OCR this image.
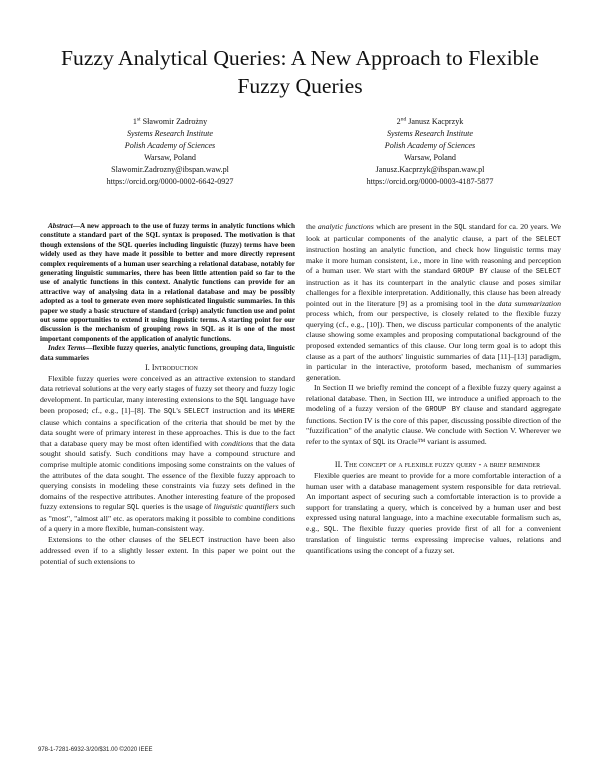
Fuzzy Analytical Queries: A New Approach to Flexible Fuzzy Queries
1st Sławomir Zadrożny
Systems Research Institute
Polish Academy of Sciences
Warsaw, Poland
Slawomir.Zadrozny@ibspan.waw.pl
https://orcid.org/0000-0002-6642-0927
2nd Janusz Kacprzyk
Systems Research Institute
Polish Academy of Sciences
Warsaw, Poland
Janusz.Kacprzyk@ibspan.waw.pl
https://orcid.org/0000-0003-4187-5877

Abstract—A new approach to the use of fuzzy terms in analytic functions which constitute a standard part of the SQL syntax is proposed. The motivation is that though extensions of the SQL queries including linguistic (fuzzy) terms have been widely used as they have made it possible to better and more directly represent complex requirements of a human user searching a relational database, notably for generating linguistic summaries, there has been little attention paid so far to the use of analytic functions in this context. Analytic functions can provide for an attractive way of analysing data in a relational database and may be possibly adopted as a tool to generate even more sophisticated linguistic summaries. In this paper we study a basic structure of standard (crisp) analytic function use and point out some opportunities to extend it using linguistic terms. A starting point for our discussion is the mechanism of grouping rows in SQL as it is one of the most important components of the application of analytic functions.

Index Terms—flexible fuzzy queries, analytic functions, grouping data, linguistic data summaries

I. Introduction

Flexible fuzzy queries were conceived as an attractive extension to standard data retrieval solutions at the very early stages of fuzzy set theory and fuzzy logic development. In particular, many interesting extensions to the SQL language have been proposed; cf., e.g., [1]–[8]. The SQL's SELECT instruction and its WHERE clause which contains a specification of the criteria that should be met by the data sought were of primary interest in these approaches. This is due to the fact that a database query may be most often identified with conditions that the data sought should satisfy. Such conditions may have a compound structure and comprise multiple atomic conditions imposing some constraints on the values of the attributes of the data sought. The essence of the flexible fuzzy approach to querying consists in modeling these constraints via fuzzy sets defined in the domains of the respective attributes. Another interesting feature of the proposed fuzzy extensions to regular SQL queries is the usage of linguistic quantifiers such as "most", "almost all" etc. as operators making it possible to combine conditions of a query in a more flexible, human-consistent way.

Extensions to the other clauses of the SELECT instruction have been also addressed even if to a slightly lesser extent. In this paper we point out the potential of such extensions to

the analytic functions which are present in the SQL standard for ca. 20 years. We look at particular components of the analytic clause, a part of the SELECT instruction hosting an analytic function, and check how linguistic terms may make it more human consistent, i.e., more in line with reasoning and perception of a human user. We start with the standard GROUP BY clause of the SELECT instruction as it has its counterpart in the analytic clause and poses similar challenges for a flexible interpretation. Additionally, this clause has been already pointed out in the literature [9] as a promising tool in the data summarization process which, from our perspective, is closely related to the flexible fuzzy querying (cf., e.g., [10]). Then, we discuss particular components of the analytic clause showing some examples and proposing computational background of the proposed extended semantics of this clause. Our long term goal is to adopt this clause as a part of the authors' linguistic summaries of data [11]–[13] paradigm, in particular in the interactive, protoform based, mechanism of summaries generation.

In Section II we briefly remind the concept of a flexible fuzzy query against a relational database. Then, in Section III, we introduce a unified approach to the modeling of a fuzzy version of the GROUP BY clause and standard aggregate functions. Section IV is the core of this paper, discussing possible direction of the "fuzzification" of the analytic clause. We conclude with Section V. Wherever we refer to the syntax of SQL its Oracle™ variant is assumed.

II. The concept of a flexible fuzzy query - a brief reminder

Flexible queries are meant to provide for a more comfortable interaction of a human user with a database management system responsible for data retrieval. An important aspect of securing such a comfortable interaction is to provide a support for translating a query, which is conceived by a human user and best expressed using natural language, into a machine executable formalism such as, e.g., SQL. The flexible fuzzy queries provide first of all for a convenient translation of linguistic terms expressing imprecise values, relations and quantifications using the concept of a fuzzy set.

978-1-7281-6932-3/20/$31.00 ©2020 IEEE
